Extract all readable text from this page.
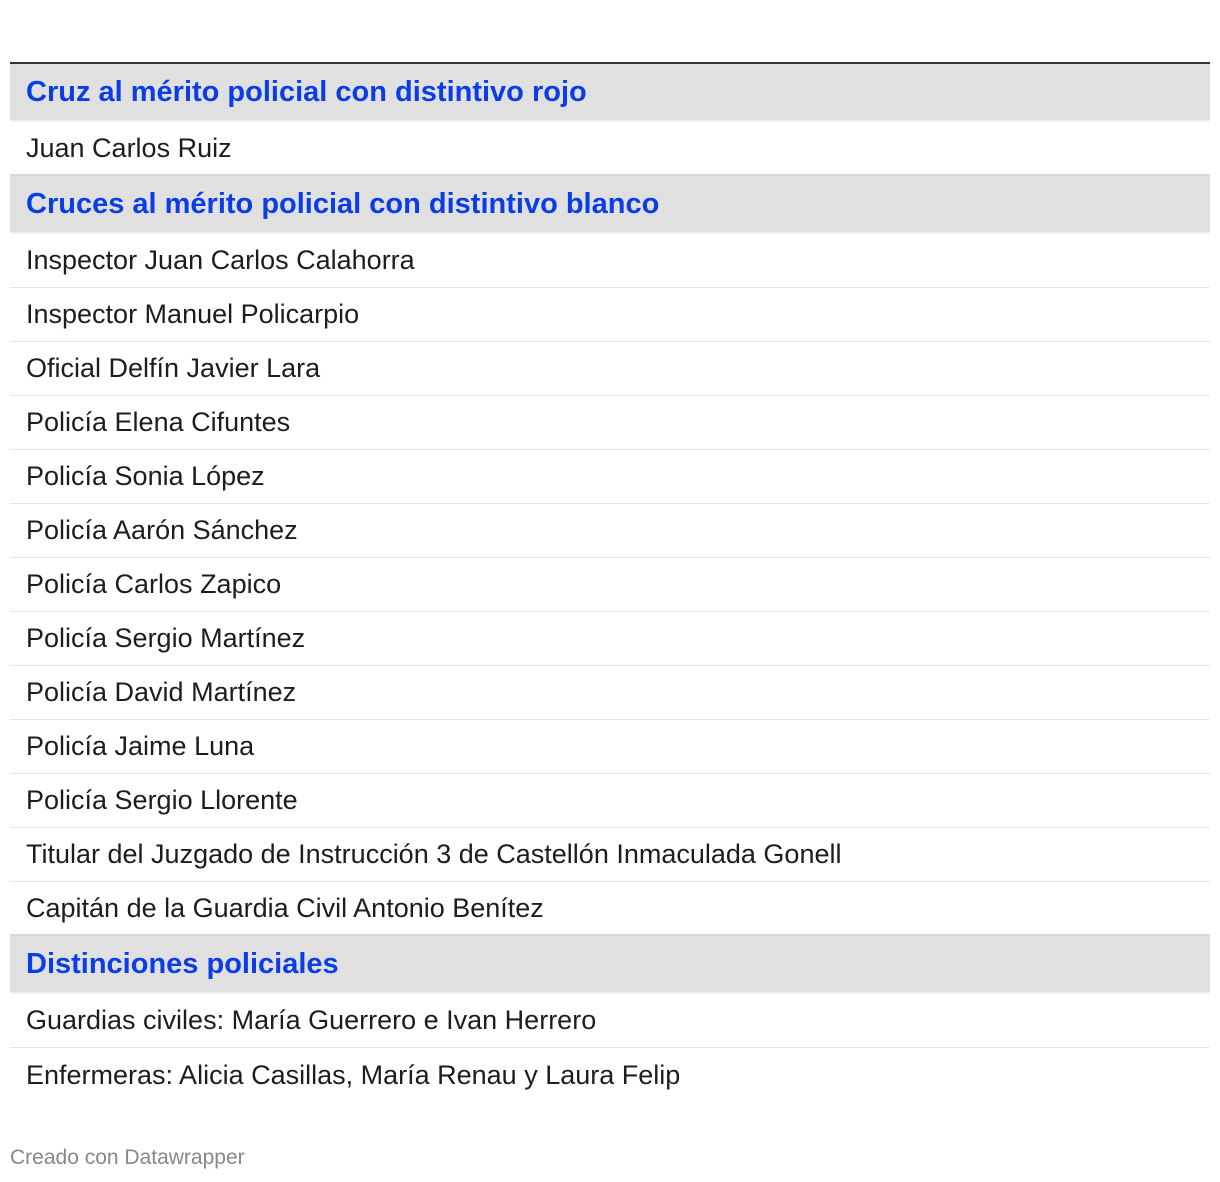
Cruz al mérito policial con distintivo rojo
Juan Carlos Ruiz
Cruces al mérito policial con distintivo blanco
Inspector Juan Carlos Calahorra
Inspector Manuel Policarpio
Oficial Delfín Javier Lara
Policía Elena Cifuntes
Policía Sonia López
Policía Aarón Sánchez
Policía Carlos Zapico
Policía Sergio Martínez
Policía David Martínez
Policía Jaime Luna
Policía Sergio Llorente
Titular del Juzgado de Instrucción 3 de Castellón Inmaculada Gonell
Capitán de la Guardia Civil Antonio Benítez
Distinciones policiales
Guardias civiles: María Guerrero e Ivan Herrero
Enfermeras: Alicia Casillas, María Renau y Laura Felip
Creado con Datawrapper
